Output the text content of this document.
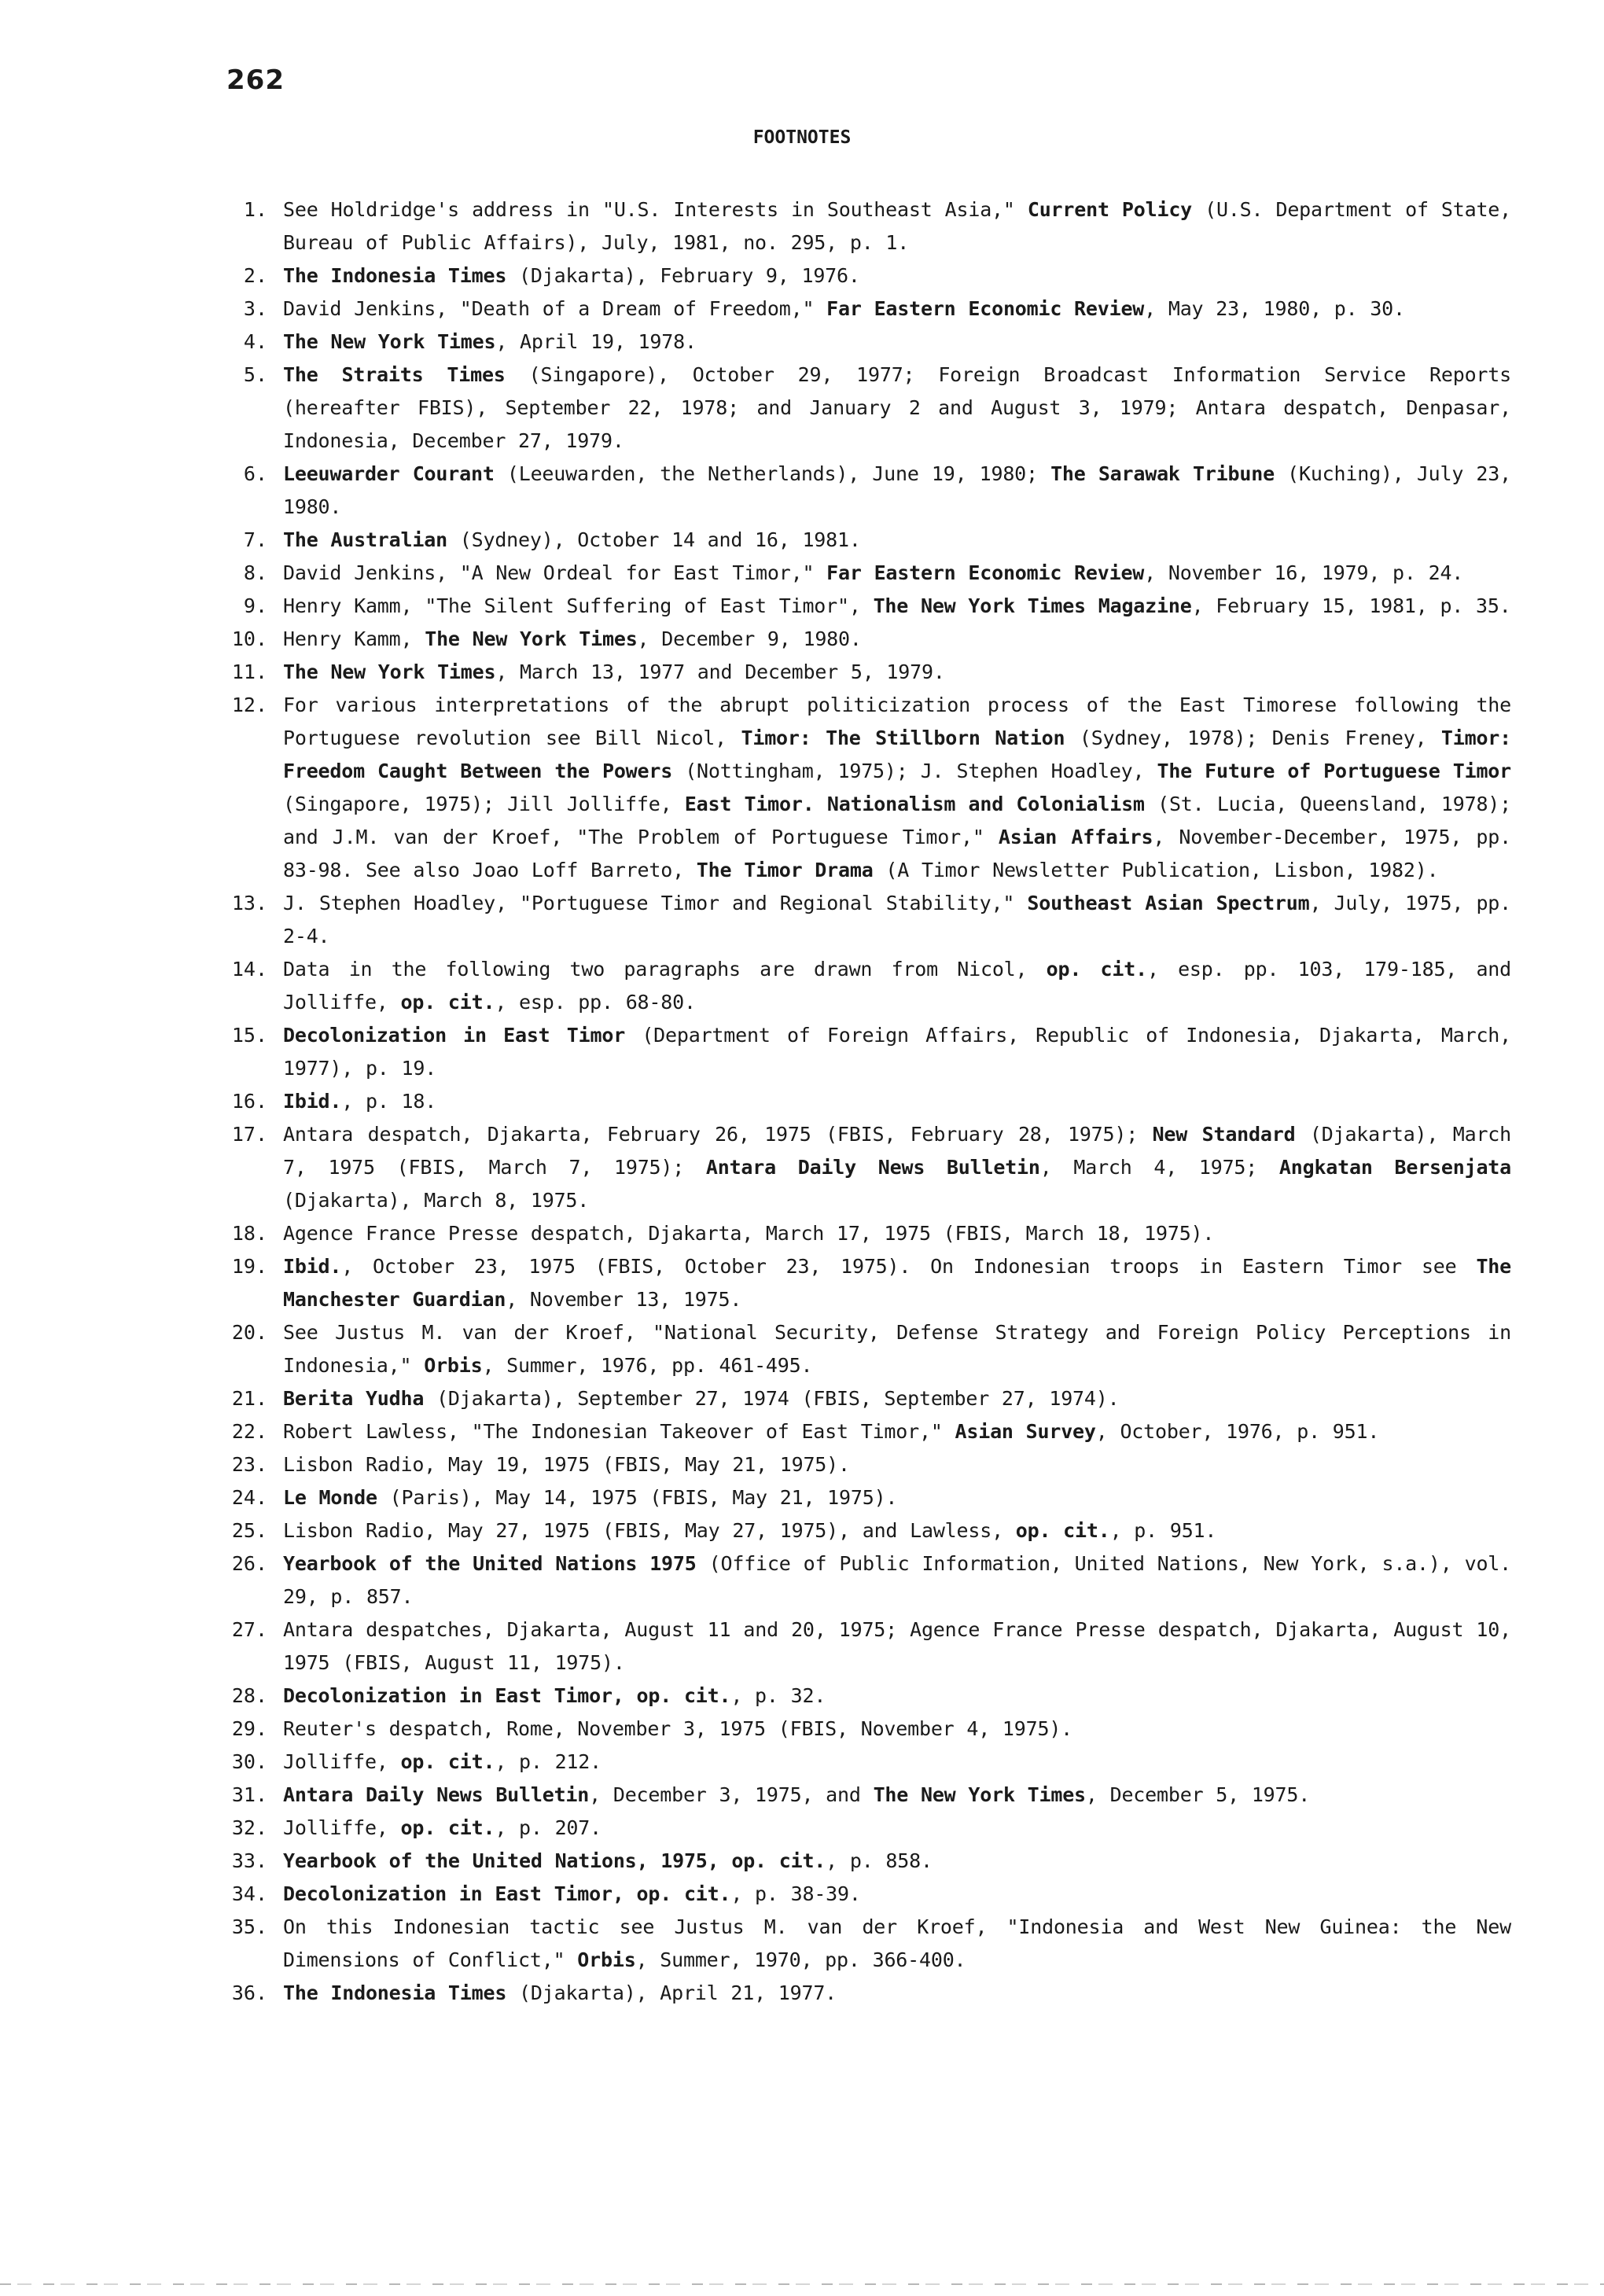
262
FOOTNOTES
1. See Holdridge's address in "U.S. Interests in Southeast Asia," Current Policy (U.S. Department of State, Bureau of Public Affairs), July, 1981, no. 295, p. 1.
2. The Indonesia Times (Djakarta), February 9, 1976.
3. David Jenkins, "Death of a Dream of Freedom," Far Eastern Economic Review, May 23, 1980, p. 30.
4. The New York Times, April 19, 1978.
5. The Straits Times (Singapore), October 29, 1977; Foreign Broadcast Information Service Reports (hereafter FBIS), September 22, 1978; and January 2 and August 3, 1979; Antara despatch, Denpasar, Indonesia, December 27, 1979.
6. Leeuwarder Courant (Leeuwarden, the Netherlands), June 19, 1980; The Sarawak Tribune (Kuching), July 23, 1980.
7. The Australian (Sydney), October 14 and 16, 1981.
8. David Jenkins, "A New Ordeal for East Timor," Far Eastern Economic Review, November 16, 1979, p. 24.
9. Henry Kamm, "The Silent Suffering of East Timor", The New York Times Magazine, February 15, 1981, p. 35.
10. Henry Kamm, The New York Times, December 9, 1980.
11. The New York Times, March 13, 1977 and December 5, 1979.
12. For various interpretations of the abrupt politicization process of the East Timorese following the Portuguese revolution see Bill Nicol, Timor: The Stillborn Nation (Sydney, 1978); Denis Freney, Timor: Freedom Caught Between the Powers (Nottingham, 1975); J. Stephen Hoadley, The Future of Portuguese Timor (Singapore, 1975); Jill Jolliffe, East Timor. Nationalism and Colonialism (St. Lucia, Queensland, 1978); and J.M. van der Kroef, "The Problem of Portuguese Timor," Asian Affairs, November-December, 1975, pp. 83-98. See also Joao Loff Barreto, The Timor Drama (A Timor Newsletter Publication, Lisbon, 1982).
13. J. Stephen Hoadley, "Portuguese Timor and Regional Stability," Southeast Asian Spectrum, July, 1975, pp. 2-4.
14. Data in the following two paragraphs are drawn from Nicol, op. cit., esp. pp. 103, 179-185, and Jolliffe, op. cit., esp. pp. 68-80.
15. Decolonization in East Timor (Department of Foreign Affairs, Republic of Indonesia, Djakarta, March, 1977), p. 19.
16. Ibid., p. 18.
17. Antara despatch, Djakarta, February 26, 1975 (FBIS, February 28, 1975); New Standard (Djakarta), March 7, 1975 (FBIS, March 7, 1975); Antara Daily News Bulletin, March 4, 1975; Angkatan Bersenjata (Djakarta), March 8, 1975.
18. Agence France Presse despatch, Djakarta, March 17, 1975 (FBIS, March 18, 1975).
19. Ibid., October 23, 1975 (FBIS, October 23, 1975). On Indonesian troops in Eastern Timor see The Manchester Guardian, November 13, 1975.
20. See Justus M. van der Kroef, "National Security, Defense Strategy and Foreign Policy Perceptions in Indonesia," Orbis, Summer, 1976, pp. 461-495.
21. Berita Yudha (Djakarta), September 27, 1974 (FBIS, September 27, 1974).
22. Robert Lawless, "The Indonesian Takeover of East Timor," Asian Survey, October, 1976, p. 951.
23. Lisbon Radio, May 19, 1975 (FBIS, May 21, 1975).
24. Le Monde (Paris), May 14, 1975 (FBIS, May 21, 1975).
25. Lisbon Radio, May 27, 1975 (FBIS, May 27, 1975), and Lawless, op. cit., p. 951.
26. Yearbook of the United Nations 1975 (Office of Public Information, United Nations, New York, s.a.), vol. 29, p. 857.
27. Antara despatches, Djakarta, August 11 and 20, 1975; Agence France Presse despatch, Djakarta, August 10, 1975 (FBIS, August 11, 1975).
28. Decolonization in East Timor, op. cit., p. 32.
29. Reuter's despatch, Rome, November 3, 1975 (FBIS, November 4, 1975).
30. Jolliffe, op. cit., p. 212.
31. Antara Daily News Bulletin, December 3, 1975, and The New York Times, December 5, 1975.
32. Jolliffe, op. cit., p. 207.
33. Yearbook of the United Nations, 1975, op. cit., p. 858.
34. Decolonization in East Timor, op. cit., p. 38-39.
35. On this Indonesian tactic see Justus M. van der Kroef, "Indonesia and West New Guinea: the New Dimensions of Conflict," Orbis, Summer, 1970, pp. 366-400.
36. The Indonesia Times (Djakarta), April 21, 1977.
